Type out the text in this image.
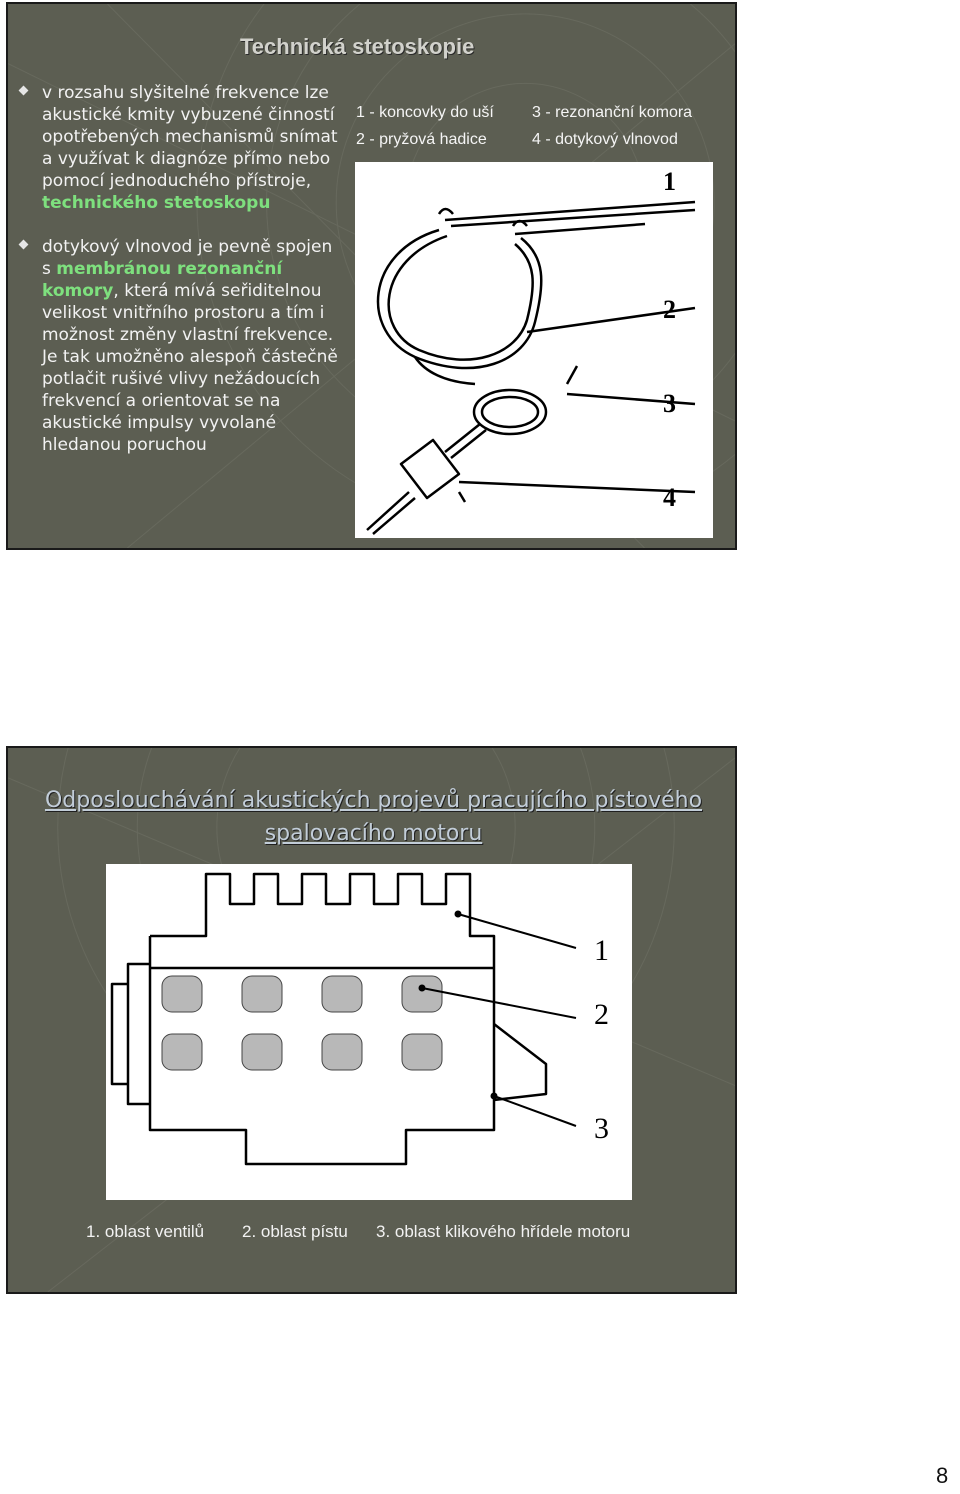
Technická stetoskopie
v rozsahu slyšitelné frekvence lze akustické kmity vybuzené činností opotřebených mechanismů snímat a využívat k diagnóze přímo nebo pomocí jednoduchého přístroje, technického stetoskopu
dotykový vlnovod je pevně spojen s membránou rezonanční komory, která mívá seřiditelnou velikost vnitřního prostoru a tím i možnost změny vlastní frekvence. Je tak umožněno alespoň částečně potlačit rušivé vlivy nežádoucích frekvencí a orientovat se na akustické impulsy vyvolané hledanou poruchou
1 - koncovky do uší
2 - pryžová hadice
3 - rezonanční komora
4 - dotykový vlnovod
1
2
3
4
Odposlouchávání akustických projevů pracujícího pístového spalovacího motoru
1
2
3
1. oblast ventilů 2. oblast pístu 3. oblast klikového hřídele motoru
8
